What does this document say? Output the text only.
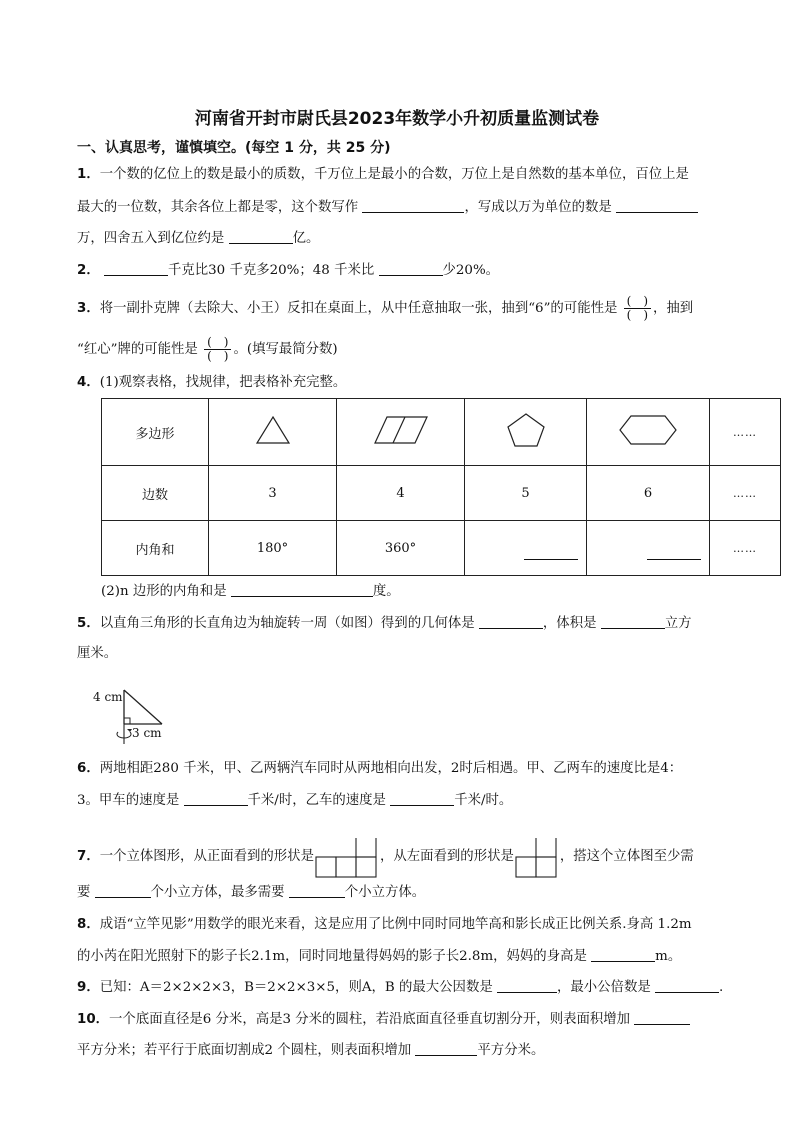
河南省开封市尉氏县2023年数学小升初质量监测试卷
一、认真思考，谨慎填空。(每空 1 分，共 25 分)
1．一个数的亿位上的数是最小的质数，千万位上是最小的合数，万位上是自然数的基本单位，百位上是
最大的一位数，其余各位上都是零，这个数写作	，写成以万为单位的数是
万，四舍五入到亿位约是	亿。
2．	千克比30 千克多20%；48 千米比	少20%。
3．将一副扑克牌（去除大、小王）反扣在桌面上，从中任意抽取一张，抽到“6”的可能性是 $\frac{( )}{( )}$ ，抽到
“红心”牌的可能性是 $\frac{( )}{( )}$ 。(填写最简分数)
4．(1)观察表格，找规律，把表格补充完整。
多边形					……
边数	3	4	5	6	……
内角和	180°	360°			……
(2)n 边形的内角和是	度。
5．以直角三角形的长直角边为轴旋转一周（如图）得到的几何体是	，体积是	立方
厘米。
4 cm
3 cm
6．两地相距280 千米，甲、乙两辆汽车同时从两地相向出发，2时后相遇。甲、乙两车的速度比是4：
3。甲车的速度是	千米/时，乙车的速度是	千米/时。
7．一个立体图形，从正面看到的形状是	，从左面看到的形状是	，搭这个立体图至少需
要	个小立方体，最多需要	个小立方体。
8．成语“立竿见影”用数学的眼光来看，这是应用了比例中同时同地竿高和影长成正比例关系.身高 1.2m
的小芮在阳光照射下的影子长2.1m，同时同地量得妈妈的影子长2.8m，妈妈的身高是	m。
9．已知：A＝2×2×2×3，B＝2×2×3×5，则A，B 的最大公因数是	，最小公倍数是	.
10．一个底面直径是6 分米，高是3 分米的圆柱，若沿底面直径垂直切割分开，则表面积增加
平方分米；若平行于底面切割成2 个圆柱，则表面积增加	平方分米。
